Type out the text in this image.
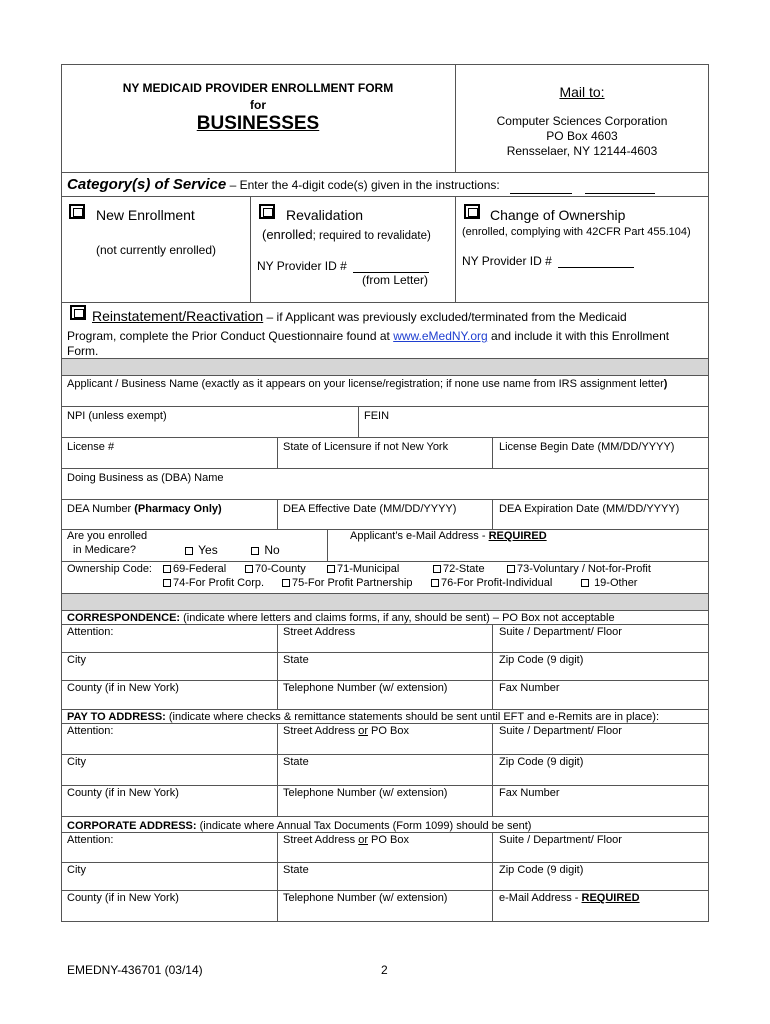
NY MEDICAID PROVIDER ENROLLMENT FORM
for
BUSINESSES
Mail to:
Computer Sciences Corporation
PO Box 4603
Rensselaer, NY 12144-4603
Category(s) of Service – Enter the 4-digit code(s) given in the instructions:
New Enrollment
(not currently enrolled)
Revalidation
(enrolled; required to revalidate)
NY Provider ID #
(from Letter)
Change of Ownership
(enrolled, complying with 42CFR Part 455.104)
NY Provider ID #
Reinstatement/Reactivation – if Applicant was previously excluded/terminated from the Medicaid
Program, complete the Prior Conduct Questionnaire found at www.eMedNY.org and include it with this Enrollment
Form.
Applicant / Business Name (exactly as it appears on your license/registration; if none use name from IRS assignment letter)
NPI (unless exempt)	FEIN
License #	State of Licensure if not New York	License Begin Date (MM/DD/YYYY)
Doing Business as (DBA) Name
DEA Number (Pharmacy Only)	DEA Effective Date (MM/DD/YYYY)	DEA Expiration Date (MM/DD/YYYY)
Are you enrolled
in Medicare?	Yes	No
Applicant’s e-Mail Address - REQUIRED
Ownership Code:	69-Federal	70-County	71-Municipal	72-State	73-Voluntary / Not-for-Profit
74-For Profit Corp.	75-For Profit Partnership	76-For Profit-Individual	19-Other
CORRESPONDENCE: (indicate where letters and claims forms, if any, should be sent) – PO Box not acceptable
Attention:	Street Address	Suite / Department/ Floor
City	State	Zip Code (9 digit)
County (if in New York)	Telephone Number (w/ extension)	Fax Number
PAY TO ADDRESS: (indicate where checks & remittance statements should be sent until EFT and e-Remits are in place):
Attention:	Street Address or PO Box	Suite / Department/ Floor
City	State	Zip Code (9 digit)
County (if in New York)	Telephone Number (w/ extension)	Fax Number
CORPORATE ADDRESS: (indicate where Annual Tax Documents (Form 1099) should be sent)
Attention:	Street Address or PO Box	Suite / Department/ Floor
City	State	Zip Code (9 digit)
County (if in New York)	Telephone Number (w/ extension)	e-Mail Address - REQUIRED
EMEDNY-436701 (03/14)	2
